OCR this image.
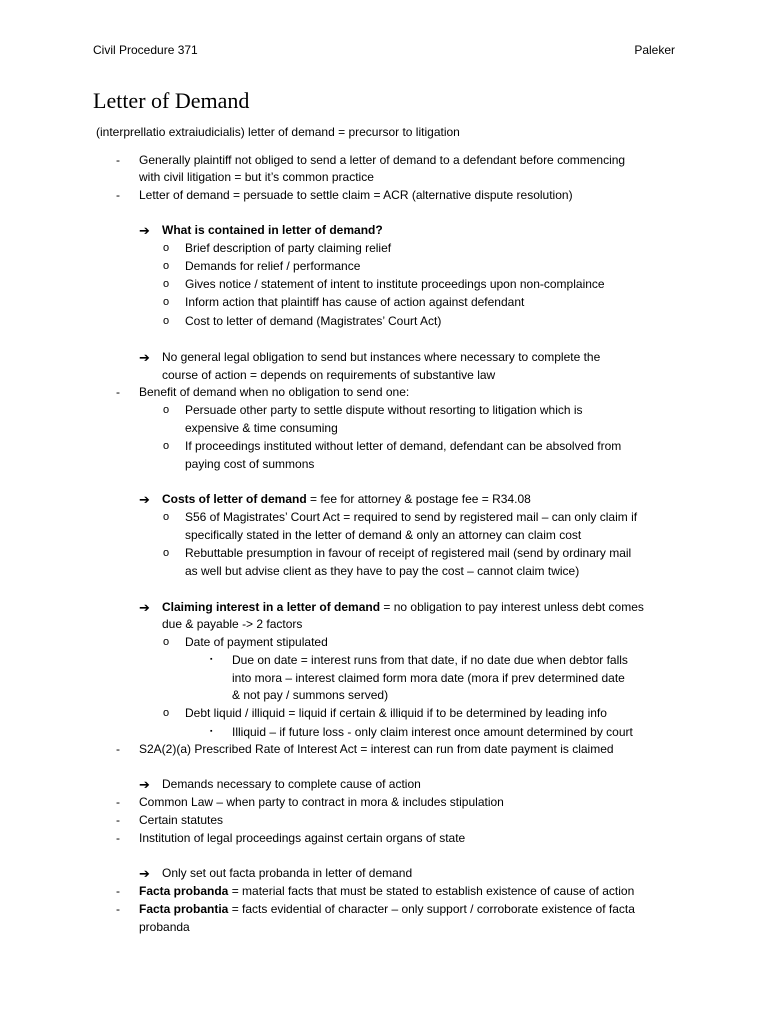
Civil Procedure 371	Paleker
Letter of Demand
(interprellatio extraiudicialis) letter of demand = precursor to litigation
- Generally plaintiff not obliged to send a letter of demand to a defendant before commencing
with civil litigation = but it’s common practice
- Letter of demand = persuade to settle claim = ACR (alternative dispute resolution)
➔ What is contained in letter of demand?
o Brief description of party claiming relief
o Demands for relief / performance
o Gives notice / statement of intent to institute proceedings upon non-complaince
o Inform action that plaintiff has cause of action against defendant
o Cost to letter of demand (Magistrates’ Court Act)
➔ No general legal obligation to send but instances where necessary to complete the
course of action = depends on requirements of substantive law
- Benefit of demand when no obligation to send one:
o Persuade other party to settle dispute without resorting to litigation which is
expensive & time consuming
o If proceedings instituted without letter of demand, defendant can be absolved from
paying cost of summons
➔ Costs of letter of demand = fee for attorney & postage fee = R34.08
o S56 of Magistrates’ Court Act = required to send by registered mail – can only claim if
specifically stated in the letter of demand & only an attorney can claim cost
o Rebuttable presumption in favour of receipt of registered mail (send by ordinary mail
as well but advise client as they have to pay the cost – cannot claim twice)
➔ Claiming interest in a letter of demand = no obligation to pay interest unless debt comes
due & payable -> 2 factors
o Date of payment stipulated
▪ Due on date = interest runs from that date, if no date due when debtor falls
into mora – interest claimed form mora date (mora if prev determined date
& not pay / summons served)
o Debt liquid / illiquid = liquid if certain & illiquid if to be determined by leading info
▪ Illiquid – if future loss - only claim interest once amount determined by court
- S2A(2)(a) Prescribed Rate of Interest Act = interest can run from date payment is claimed
➔ Demands necessary to complete cause of action
- Common Law – when party to contract in mora & includes stipulation
- Certain statutes
- Institution of legal proceedings against certain organs of state
➔ Only set out facta probanda in letter of demand
- Facta probanda = material facts that must be stated to establish existence of cause of action
- Facta probantia = facts evidential of character – only support / corroborate existence of facta
probanda
